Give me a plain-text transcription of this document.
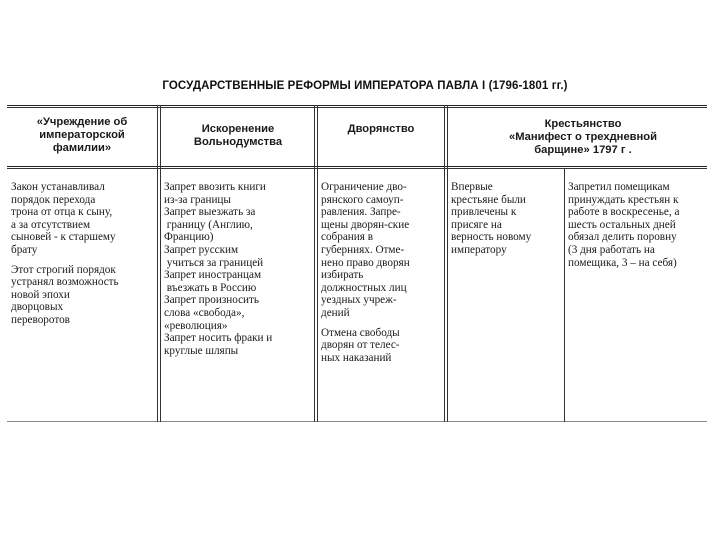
ГОСУДАРСТВЕННЫЕ РЕФОРМЫ ИМПЕРАТОРА ПАВЛА I (1796-1801 гг.)
«Учреждение об
императорской
фамилии»
Искоренение
Вольнодумства
Дворянство	Крестьянство
«Манифест о трехдневной
барщине» 1797 г .
Закон устанавливал
порядок перехода
трона от отца к сыну,
а за отсутствием
сыновей - к старшему
брату
Этот строгий порядок
устранял возможность
новой эпохи
дворцовых
переворотов
Запрет ввозить книги
из-за границы
Запрет выезжать за
границу (Англию,
Францию)
Запрет русским
учиться за границей
Запрет иностранцам
въезжать в Россию
Запрет произносить
слова «свобода»,
«революция»
Запрет носить фраки и
круглые шляпы
Ограничение дво-
рянского самоуп-
равления. Запре-
щены дворян-ские
собрания в
губерниях. Отме-
нено право дворян
избирать
должностных лиц
уездных учреж-
дений
Отмена свободы
дворян от телес-
ных наказаний
Впервые
крестьяне были
привлечены к
присяге на
верность новому
императору
Запретил помещикам
принуждать крестьян к
работе в воскресенье, а
шесть остальных дней
обязал делить поровну
(3 дня работать на
помещика, 3 – на себя)
